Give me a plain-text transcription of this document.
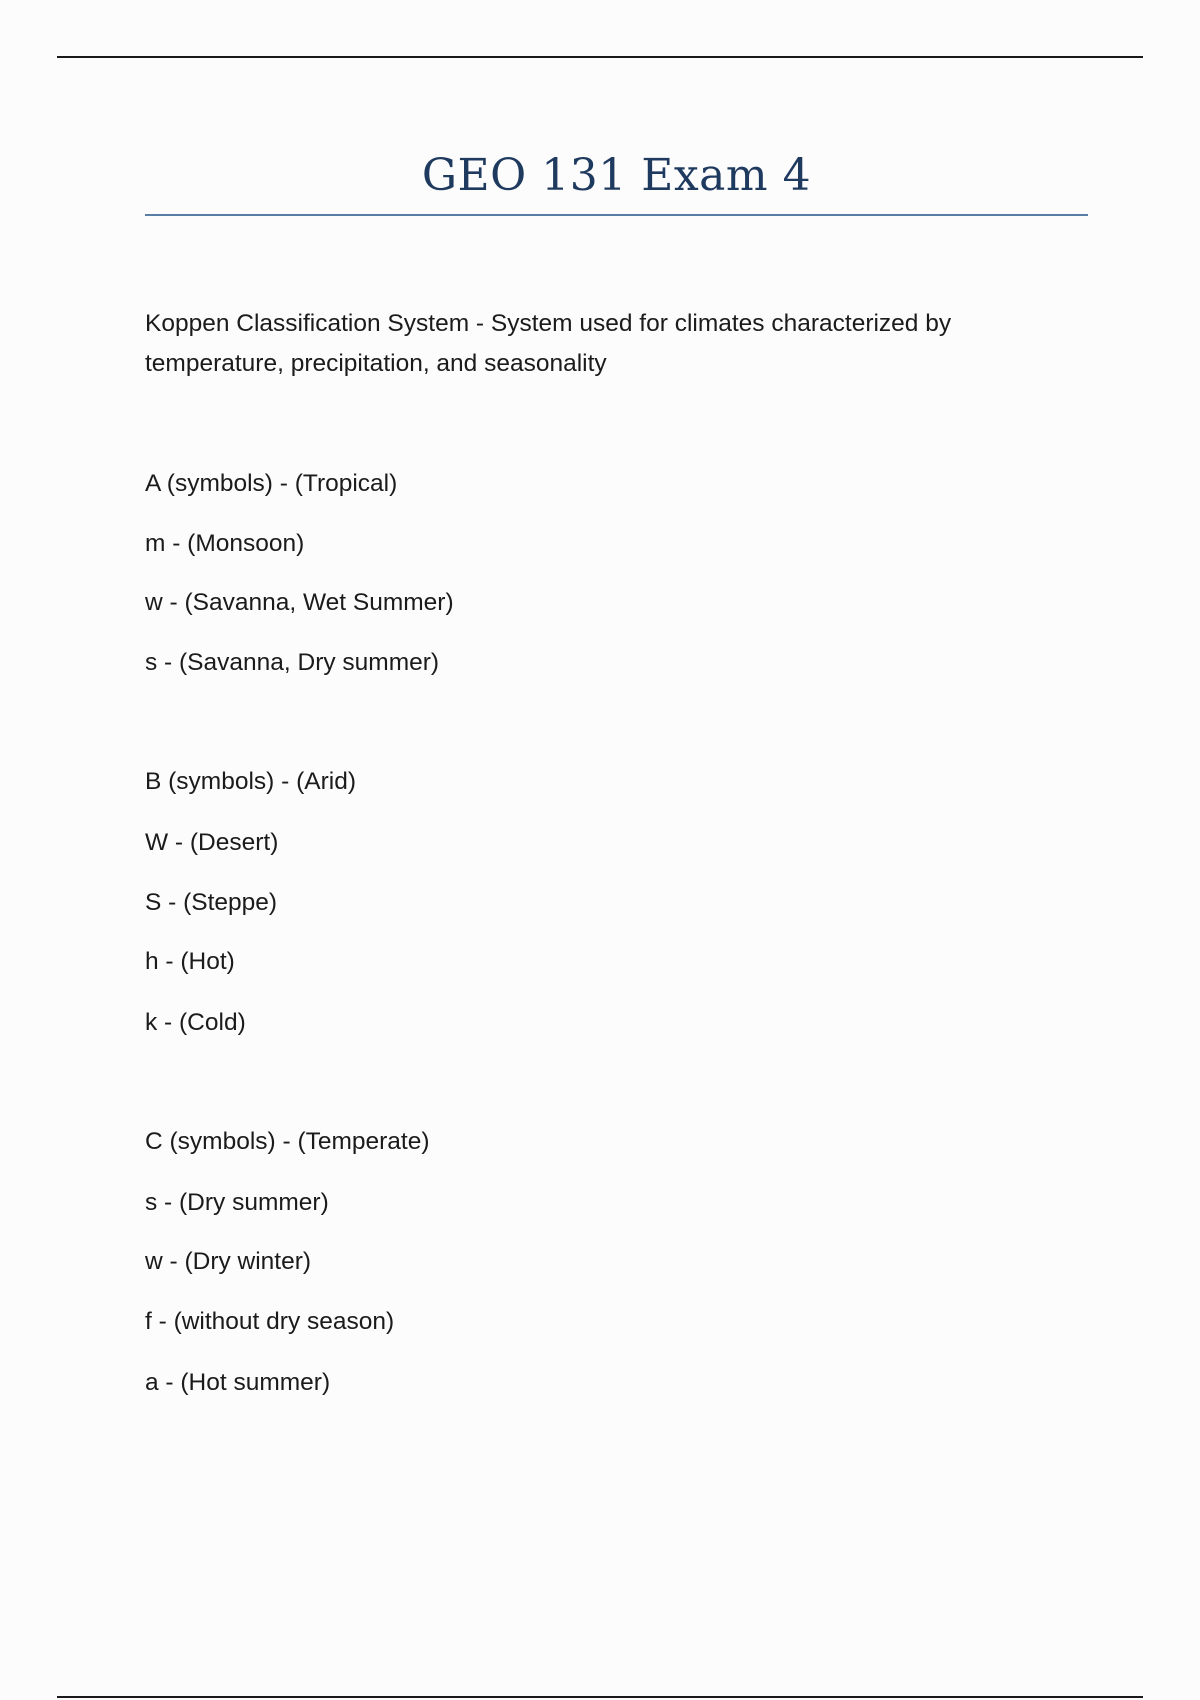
GEO 131 Exam 4
Koppen Classification System - System used for climates characterized by temperature, precipitation, and seasonality
A (symbols) - (Tropical)
m - (Monsoon)
w - (Savanna, Wet Summer)
s - (Savanna, Dry summer)
B (symbols) - (Arid)
W - (Desert)
S - (Steppe)
h - (Hot)
k - (Cold)
C (symbols) - (Temperate)
s - (Dry summer)
w - (Dry winter)
f - (without dry season)
a - (Hot summer)
